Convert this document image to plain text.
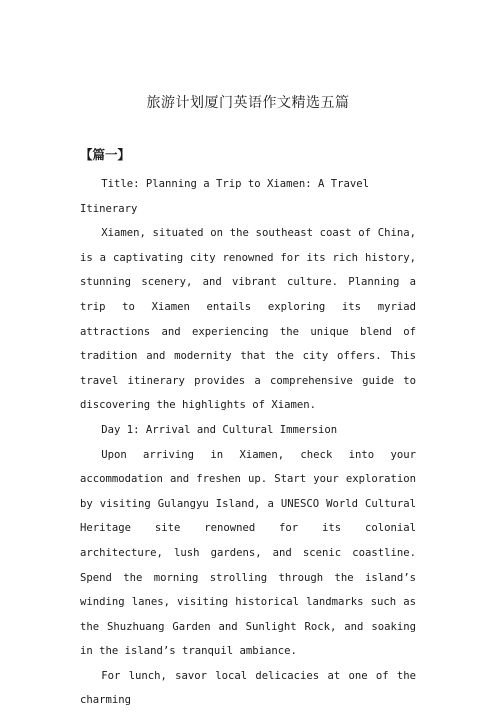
旅游计划厦门英语作文精选五篇
【篇一】

Title: Planning a Trip to Xiamen: A Travel Itinerary

Xiamen, situated on the southeast coast of China, is a captivating city renowned for its rich history, stunning scenery, and vibrant culture. Planning a trip to Xiamen entails exploring its myriad attractions and experiencing the unique blend of tradition and modernity that the city offers. This travel itinerary provides a comprehensive guide to discovering the highlights of Xiamen.

Day 1: Arrival and Cultural Immersion

Upon arriving in Xiamen, check into your accommodation and freshen up. Start your exploration by visiting Gulangyu Island, a UNESCO World Cultural Heritage site renowned for its colonial architecture, lush gardens, and scenic coastline. Spend the morning strolling through the island’s winding lanes, visiting historical landmarks such as the Shuzhuang Garden and Sunlight Rock, and soaking in the island’s tranquil ambiance.

For lunch, savor local delicacies at one of the charming
